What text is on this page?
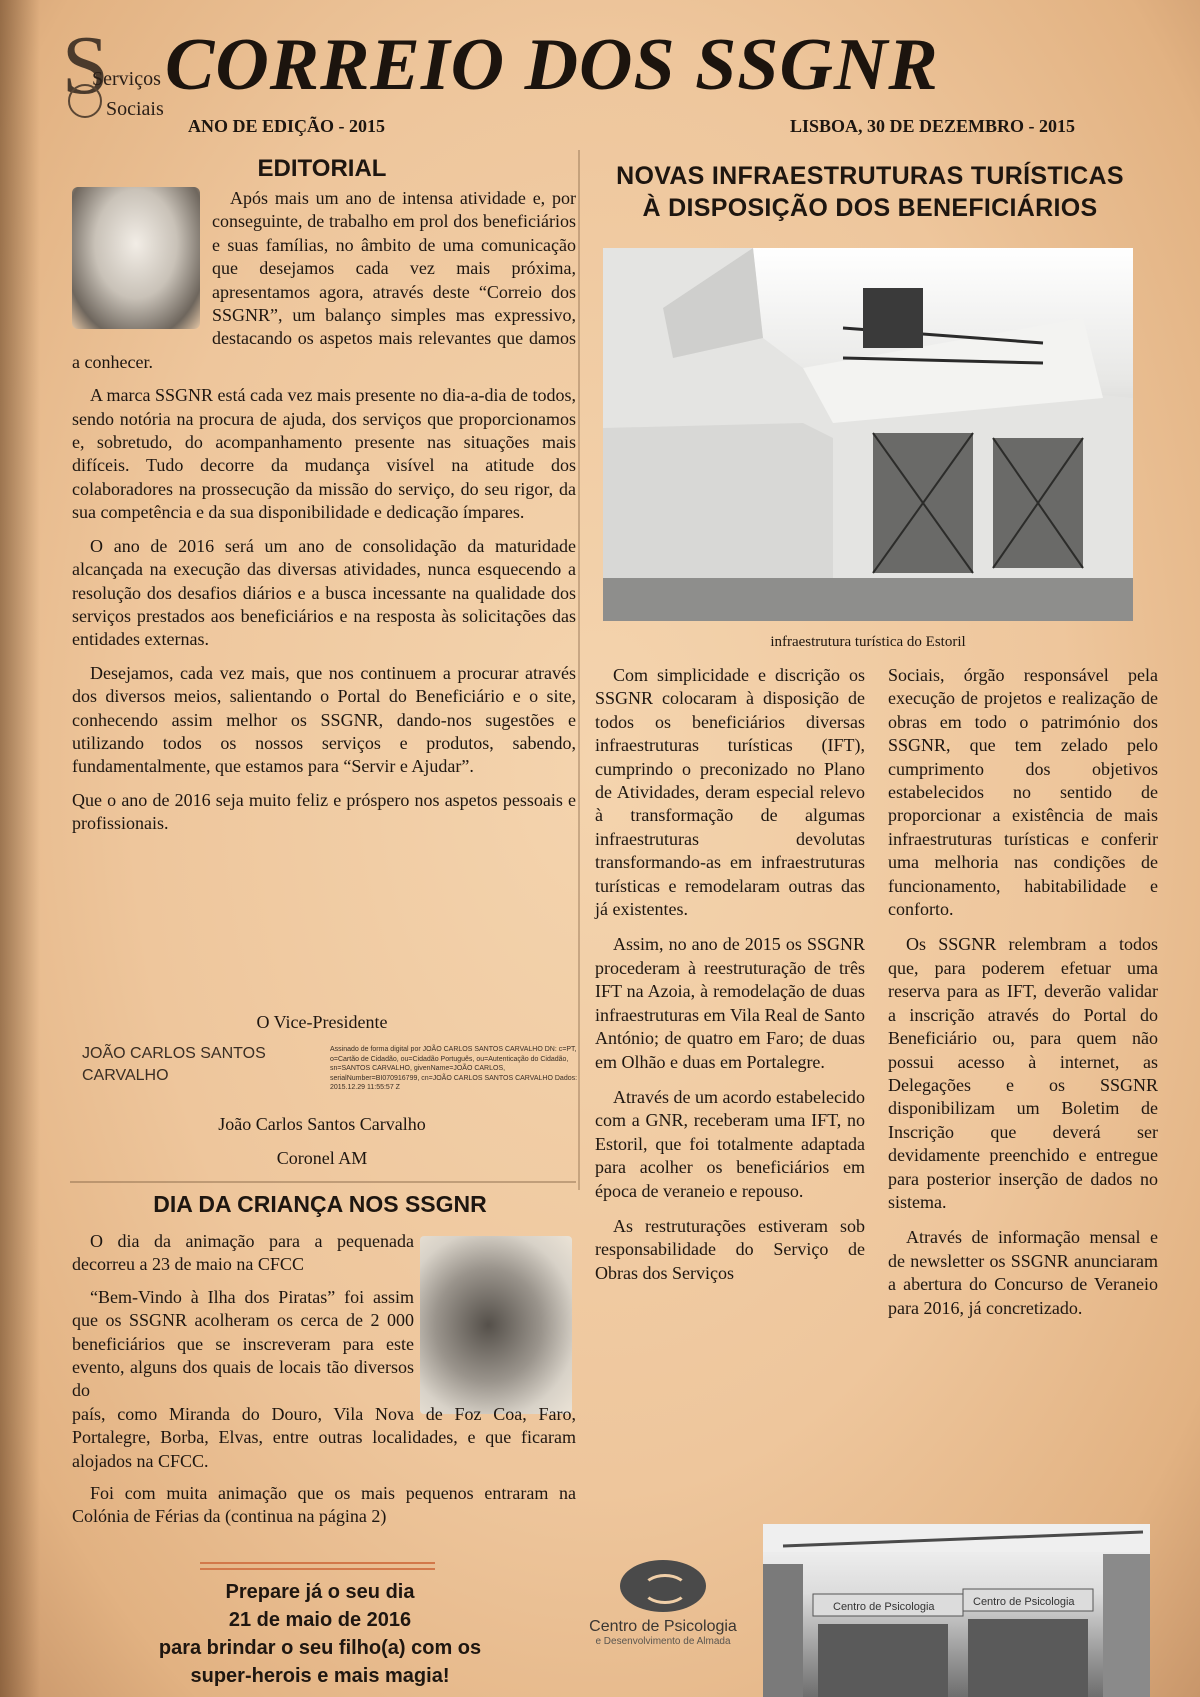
S
Serviços
Sociais
CORREIO DOS SSGNR
ANO DE EDIÇÃO - 2015	LISBOA, 30 DE DEZEMBRO - 2015
EDITORIAL

Após mais um ano de intensa atividade e, por conseguinte, de trabalho em prol dos beneficiários e suas famílias, no âmbito de uma comunicação que desejamos cada vez mais próxima, apresentamos agora, através deste “Correio dos SSGNR”, um balanço simples mas expressivo, destacando os aspetos mais relevantes que damos a conhecer.

A marca SSGNR está cada vez mais presente no dia-a-dia de todos, sendo notória na procura de ajuda, dos serviços que proporcionamos e, sobretudo, do acompanhamento presente nas situações mais difíceis. Tudo decorre da mudança visível na atitude dos colaboradores na prossecução da missão do serviço, do seu rigor, da sua competência e da sua disponibilidade e dedicação ímpares.

O ano de 2016 será um ano de consolidação da maturidade alcançada na execução das diversas atividades, nunca esquecendo a resolução dos desafios diários e a busca incessante na qualidade dos serviços prestados aos beneficiários e na resposta às solicitações das entidades externas.

Desejamos, cada vez mais, que nos continuem a procurar através dos diversos meios, salientando o Portal do Beneficiário e o site, conhecendo assim melhor os SSGNR, dando-nos sugestões e utilizando todos os nossos serviços e produtos, sabendo, fundamentalmente, que estamos para “Servir e Ajudar”.

Que o ano de 2016 seja muito feliz e próspero nos aspetos pessoais e profissionais.

O Vice-Presidente
JOÃO CARLOS SANTOS
CARVALHO
Assinado de forma digital por JOÃO CARLOS SANTOS CARVALHO DN: c=PT, o=Cartão de Cidadão, ou=Cidadão Português, ou=Autenticação do Cidadão, sn=SANTOS CARVALHO, givenName=JOÃO CARLOS, serialNumber=BI070916799, cn=JOÃO CARLOS SANTOS CARVALHO Dados: 2015.12.29 11:55:57 Z
João Carlos Santos Carvalho
Coronel AM
DIA DA CRIANÇA NOS SSGNR

O dia da animação para a pequenada decorreu a 23 de maio na CFCC

“Bem-Vindo à Ilha dos Piratas” foi assim que os SSGNR acolheram os cerca de 2 000 beneficiários que se inscreveram para este evento, alguns dos quais de locais tão diversos do

país, como Miranda do Douro, Vila Nova de Foz Coa, Faro, Portalegre, Borba, Elvas, entre outras localidades, e que ficaram alojados na CFCC.

Foi com muita animação que os mais pequenos entraram na Colónia de Férias da (continua na página 2)

Prepare já o seu dia
21 de maio de 2016
para brindar o seu filho(a) com os
super-herois e mais magia!
NOVAS INFRAESTRUTURAS TURÍSTICAS
À DISPOSIÇÃO DOS BENEFICIÁRIOS
infraestrutura turística do Estoril

Com simplicidade e discrição os SSGNR colocaram à disposição de todos os beneficiários diversas infraestruturas turísticas (IFT), cumprindo o preconizado no Plano de Atividades, deram especial relevo à transformação de algumas infraestruturas devolutas transformando-as em infraestruturas turísticas e remodelaram outras das já existentes.

Assim, no ano de 2015 os SSGNR procederam à reestruturação de três IFT na Azoia, à remodelação de duas infraestruturas em Vila Real de Santo António; de quatro em Faro; de duas em Olhão e duas em Portalegre.

Através de um acordo estabelecido com a GNR, receberam uma IFT, no Estoril, que foi totalmente adaptada para acolher os beneficiários em época de veraneio e repouso.

As restruturações estiveram sob responsabilidade do Serviço de Obras dos Serviços

Sociais, órgão responsável pela execução de projetos e realização de obras em todo o património dos SSGNR, que tem zelado pelo cumprimento dos objetivos estabelecidos no sentido de proporcionar a existência de mais infraestruturas turísticas e conferir uma melhoria nas condições de funcionamento, habitabilidade e conforto.

Os SSGNR relembram a todos que, para poderem efetuar uma reserva para as IFT, deverão validar a inscrição através do Portal do Beneficiário ou, para quem não possui acesso à internet, as Delegações e os SSGNR disponibilizam um Boletim de Inscrição que deverá ser devidamente preenchido e entregue para posterior inserção de dados no sistema.

Através de informação mensal e de newsletter os SSGNR anunciaram a abertura do Concurso de Veraneio para 2016, já concretizado.

Centro de Psicologia
e Desenvolvimento de Almada
Centro de Psicologia	Centro de Psicologia
